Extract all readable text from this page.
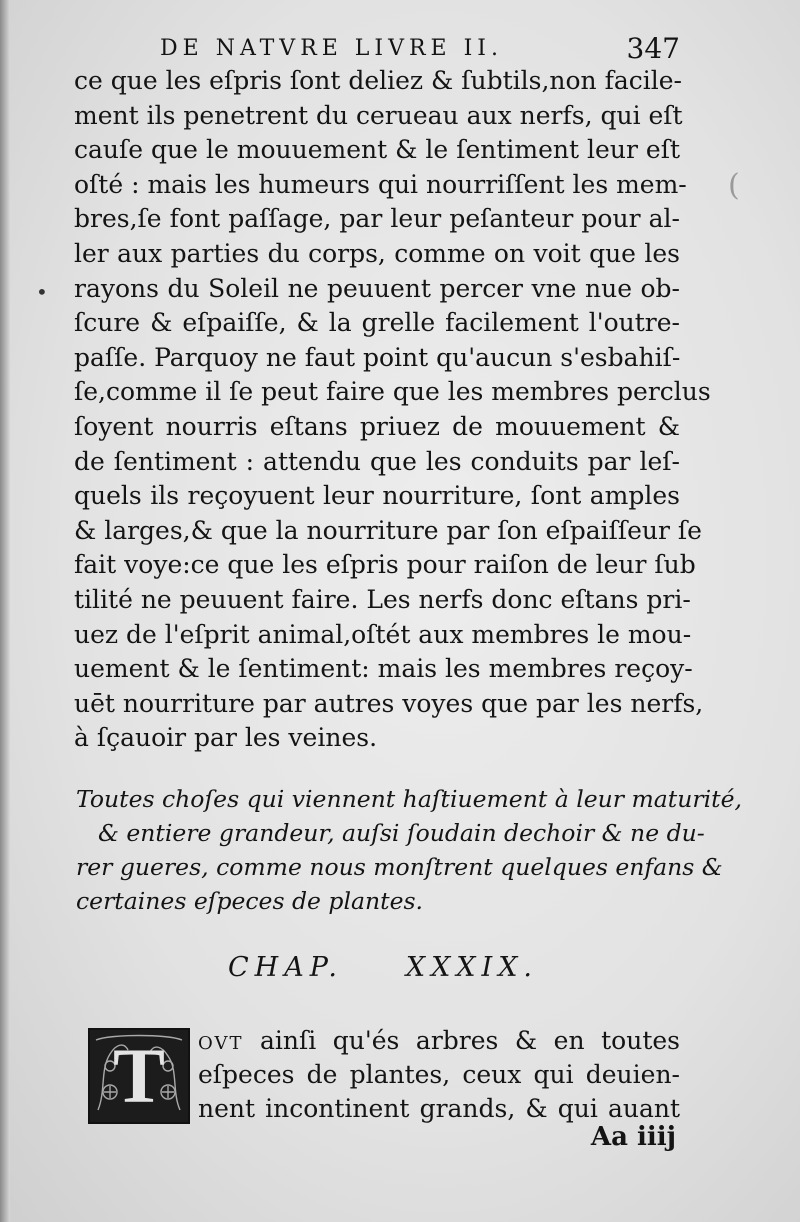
DE NATVRE LIVRE II.	347
ce que les eſpris ſont deliez & ſubtils,non facile-
ment ils penetrent du cerueau aux nerfs, qui eſt
cauſe que le mouuement & le ſentiment leur eſt
oſté : mais les humeurs qui nourriſſent les mem-
bres,ſe font paſſage, par leur peſanteur pour al-
ler aux parties du corps, comme on voit que les
rayons du Soleil ne peuuent percer vne nue ob-
ſcure & eſpaiſſe, & la grelle facilement l'outre-
paſſe. Parquoy ne faut point qu'aucun s'esbahiſ-
ſe,comme il ſe peut faire que les membres perclus
ſoyent nourris eſtans priuez de mouuement &
de ſentiment : attendu que les conduits par leſ-
quels ils reçoyuent leur nourriture, ſont amples
& larges,& que la nourriture par ſon eſpaiſſeur ſe
fait voye:ce que les eſpris pour raiſon de leur ſub
tilité ne peuuent faire. Les nerfs donc eſtans pri-
uez de l'eſprit animal,oſtét aux membres le mou-
uement & le ſentiment: mais les membres reçoy-
uēt nourriture par autres voyes que par les nerfs,
à ſçauoir par les veines.
Toutes choſes qui viennent haſtiuement à leur maturité,
& entiere grandeur, auſsi ſoudain dechoir & ne du-
rer gueres, comme nous monſtrent quelques enfans &
certaines eſpeces de plantes.
CHAP. XXXIX.
T	OVT ainſi qu'és arbres & en toutes
eſpeces de plantes, ceux qui deuien-
nent incontinent grands, & qui auant
Aa iiij
•
(
